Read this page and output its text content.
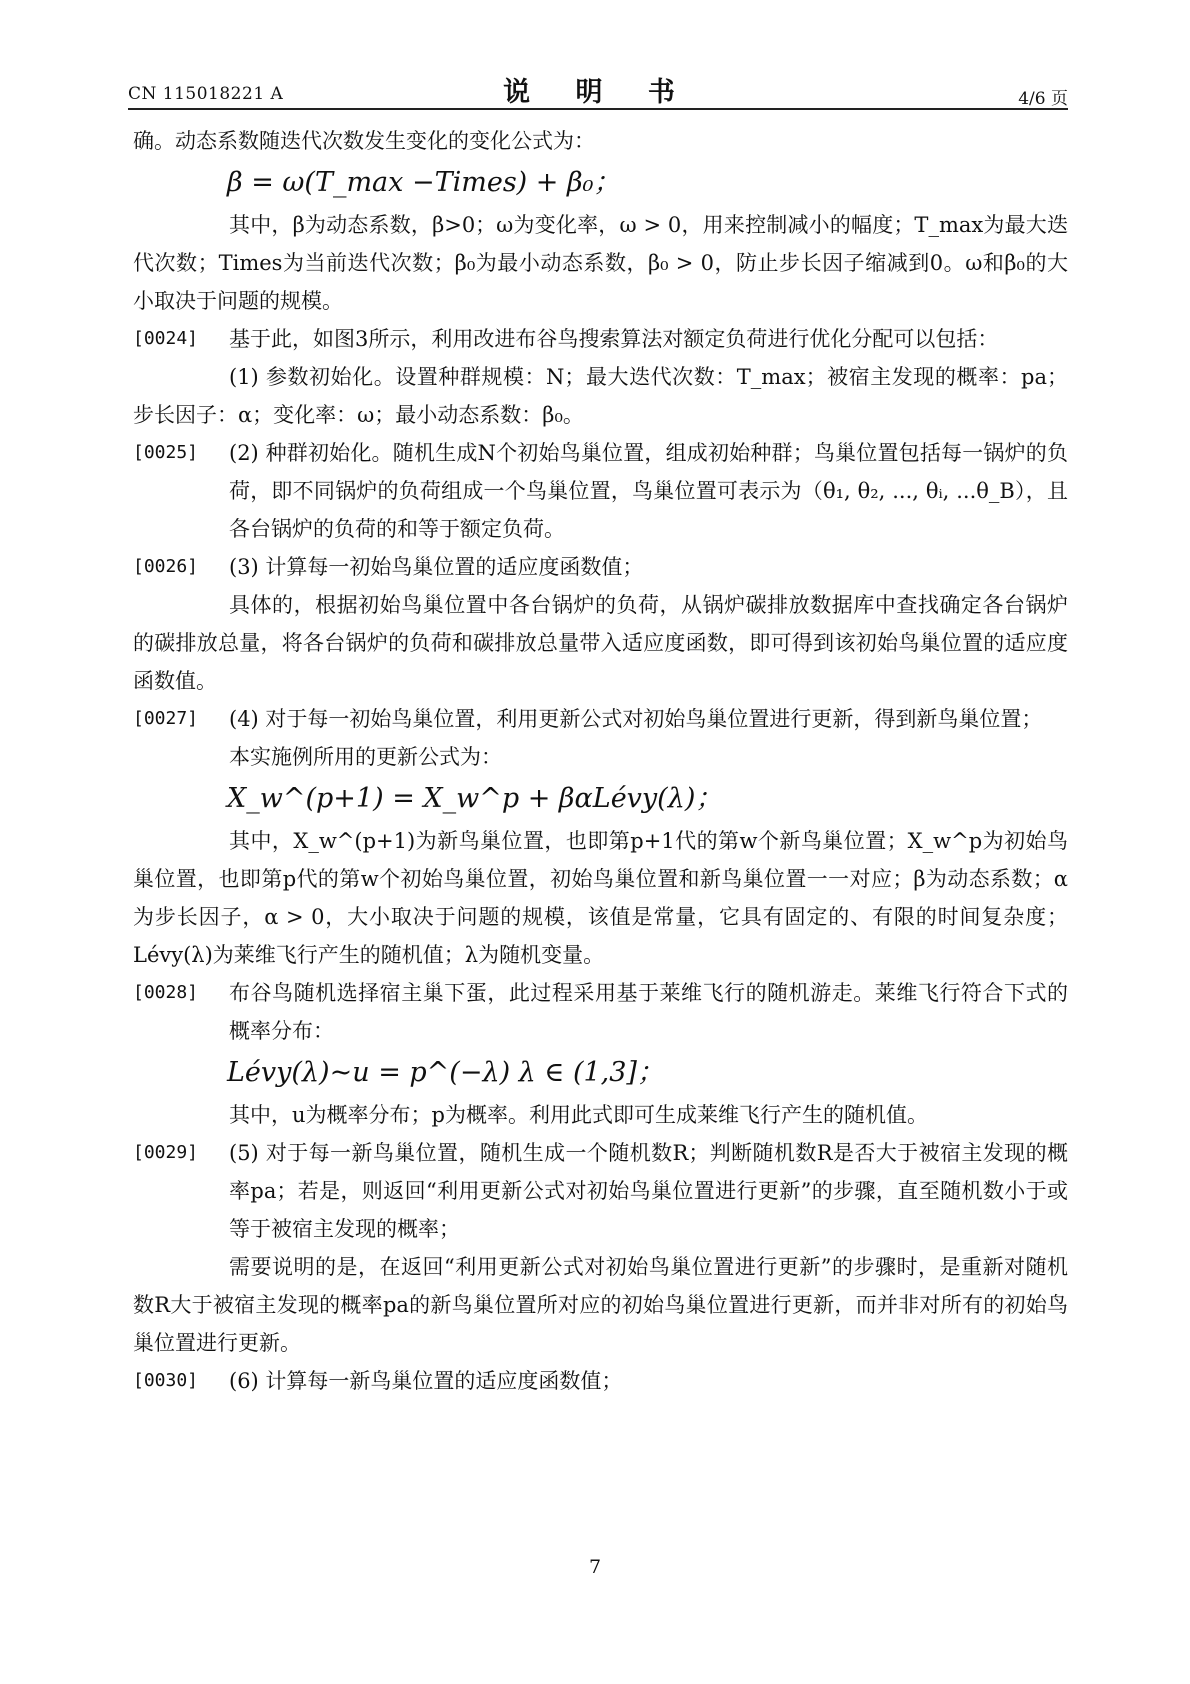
CN 115018221 A	说 明 书	4/6 页

确。动态系数随迭代次数发生变化的变化公式为：

β = ω(T_max −Times) + β₀；

其中，β为动态系数，β>0；ω为变化率，ω > 0，用来控制减小的幅度；T_max为最大迭代次数；Times为当前迭代次数；β₀为最小动态系数，β₀ > 0，防止步长因子缩减到0。ω和β₀的大小取决于问题的规模。

[0024] 基于此，如图3所示，利用改进布谷鸟搜索算法对额定负荷进行优化分配可以包括：

(1) 参数初始化。设置种群规模：N；最大迭代次数：T_max；被宿主发现的概率：pa；步长因子：α；变化率：ω；最小动态系数：β₀。

[0025] (2) 种群初始化。随机生成N个初始鸟巢位置，组成初始种群；鸟巢位置包括每一锅炉的负荷，即不同锅炉的负荷组成一个鸟巢位置，鸟巢位置可表示为（θ₁, θ₂, ..., θᵢ, ...θ_B），且各台锅炉的负荷的和等于额定负荷。

[0026] (3) 计算每一初始鸟巢位置的适应度函数值；

具体的，根据初始鸟巢位置中各台锅炉的负荷，从锅炉碳排放数据库中查找确定各台锅炉的碳排放总量，将各台锅炉的负荷和碳排放总量带入适应度函数，即可得到该初始鸟巢位置的适应度函数值。

[0027] (4) 对于每一初始鸟巢位置，利用更新公式对初始鸟巢位置进行更新，得到新鸟巢位置；

本实施例所用的更新公式为：

X_w^(p+1) = X_w^p + βαLévy(λ)；

其中，X_w^(p+1)为新鸟巢位置，也即第p+1代的第w个新鸟巢位置；X_w^p为初始鸟巢位置，也即第p代的第w个初始鸟巢位置，初始鸟巢位置和新鸟巢位置一一对应；β为动态系数；α为步长因子，α > 0，大小取决于问题的规模，该值是常量，它具有固定的、有限的时间复杂度；Lévy(λ)为莱维飞行产生的随机值；λ为随机变量。

[0028] 布谷鸟随机选择宿主巢下蛋，此过程采用基于莱维飞行的随机游走。莱维飞行符合下式的概率分布：

Lévy(λ)~u = p^(−λ) λ ∈ (1,3]；

其中，u为概率分布；p为概率。利用此式即可生成莱维飞行产生的随机值。

[0029] (5) 对于每一新鸟巢位置，随机生成一个随机数R；判断随机数R是否大于被宿主发现的概率pa；若是，则返回“利用更新公式对初始鸟巢位置进行更新”的步骤，直至随机数小于或等于被宿主发现的概率；

需要说明的是，在返回“利用更新公式对初始鸟巢位置进行更新”的步骤时，是重新对随机数R大于被宿主发现的概率pa的新鸟巢位置所对应的初始鸟巢位置进行更新，而并非对所有的初始鸟巢位置进行更新。

[0030] (6) 计算每一新鸟巢位置的适应度函数值；

7
